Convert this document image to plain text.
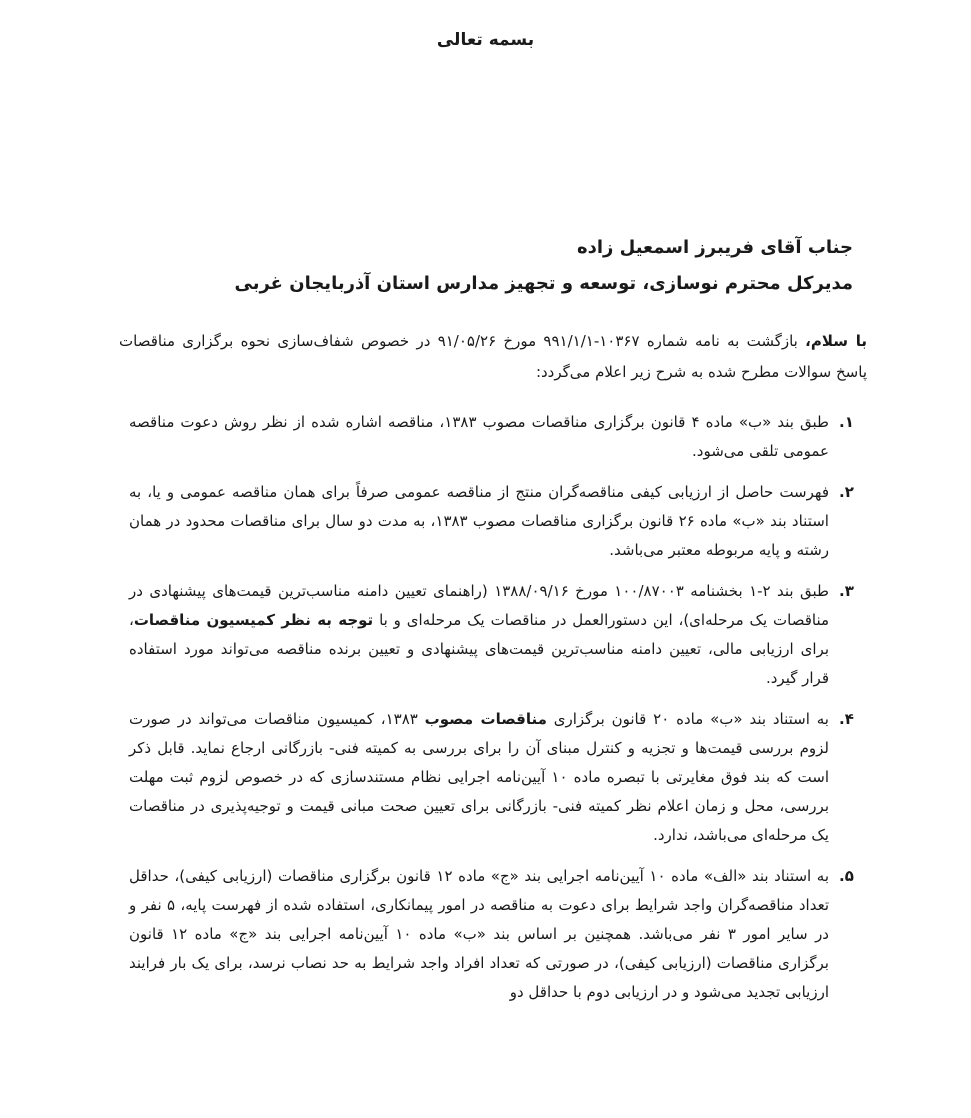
بسمه تعالی
جناب آقای فریبرز اسمعیل زاده
مدیرکل محترم نوسازی، توسعه و تجهیز مدارس استان آذربایجان غربی
با سلام، بازگشت به نامه شماره ۱۰۳۶۷-۹۹۱/۱/۱ مورخ ۹۱/۰۵/۲۶ در خصوص شفاف‌سازی نحوه برگزاری مناقصات پاسخ سوالات مطرح شده به شرح زیر اعلام می‌گردد:
۱.
طبق بند «ب» ماده ۴ قانون برگزاری مناقصات مصوب ۱۳۸۳، مناقصه اشاره شده از نظر روش دعوت مناقصه عمومی تلقی می‌شود.
۲.
فهرست حاصل از ارزیابی کیفی مناقصه‌گران منتج از مناقصه عمومی صرفاً برای همان مناقصه عمومی و یا، به استناد بند «ب» ماده ۲۶ قانون برگزاری مناقصات مصوب ۱۳۸۳، به مدت دو سال برای مناقصات محدود در همان رشته و پایه مربوطه معتبر می‌باشد.
۳.
طبق بند ۲-۱ بخشنامه ۱۰۰/۸۷۰۰۳ مورخ ۱۳۸۸/۰۹/۱۶ (راهنمای تعیین دامنه مناسب‌ترین قیمت‌های پیشنهادی در مناقصات یک مرحله‌ای)، این دستورالعمل در مناقصات یک مرحله‌ای و با توجه به نظر کمیسیون مناقصات، برای ارزیابی مالی، تعیین دامنه مناسب‌ترین قیمت‌های پیشنهادی و تعیین برنده مناقصه می‌تواند مورد استفاده قرار گیرد.
۴.
به استناد بند «ب» ماده ۲۰ قانون برگزاری مناقصات مصوب ۱۳۸۳، کمیسیون مناقصات می‌تواند در صورت لزوم بررسی قیمت‌ها و تجزیه و کنترل مبنای آن را برای بررسی به کمیته فنی- بازرگانی ارجاع نماید. قابل ذکر است که بند فوق مغایرتی با تبصره ماده ۱۰ آیین‌نامه اجرایی نظام مستندسازی که در خصوص لزوم ثبت مهلت بررسی، محل و زمان اعلام نظر کمیته فنی- بازرگانی برای تعیین صحت مبانی قیمت و توجیه‌پذیری در مناقصات یک مرحله‌ای می‌باشد، ندارد.
۵.
به استناد بند «الف» ماده ۱۰ آیین‌نامه اجرایی بند «ج» ماده ۱۲ قانون برگزاری مناقصات (ارزیابی کیفی)، حداقل تعداد مناقصه‌گران واجد شرایط برای دعوت به مناقصه در امور پیمانکاری، استفاده شده از فهرست پایه، ۵ نفر و در سایر امور ۳ نفر می‌باشد. همچنین بر اساس بند «ب» ماده ۱۰ آیین‌نامه اجرایی بند «ج» ماده ۱۲ قانون برگزاری مناقصات (ارزیابی کیفی)، در صورتی که تعداد افراد واجد شرایط به حد نصاب نرسد، برای یک بار فرایند ارزیابی تجدید می‌شود و در ارزیابی دوم با حداقل دو
